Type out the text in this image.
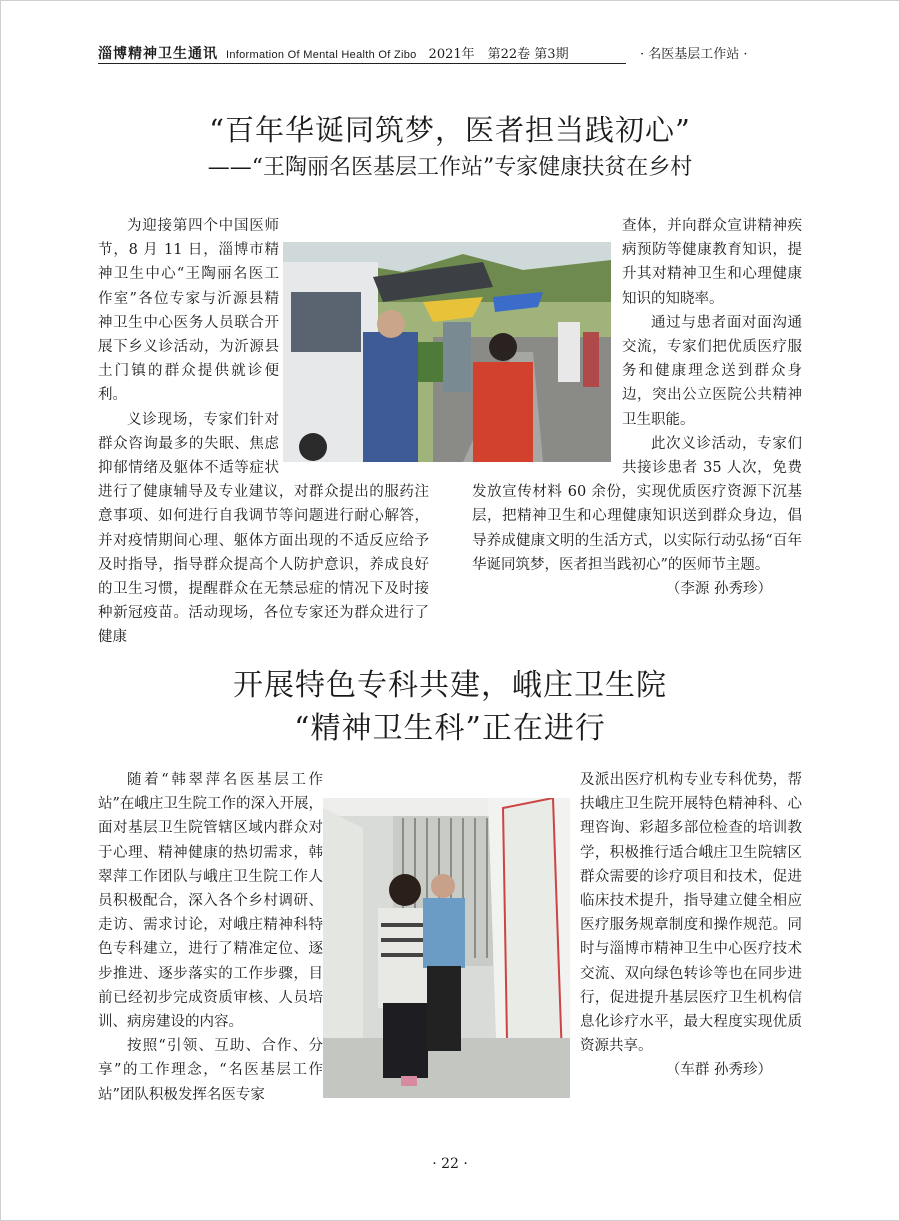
淄博精神卫生通讯 Information Of Mental Health Of Zibo 2021年　第22卷 第3期	· 名医基层工作站 ·
“百年华诞同筑梦，医者担当践初心”
——“王陶丽名医基层工作站”专家健康扶贫在乡村

为迎接第四个中国医师节，8 月 11 日，淄博市精神卫生中心“王陶丽名医工作室”各位专家与沂源县精神卫生中心医务人员联合开展下乡义诊活动，为沂源县土门镇的群众提供就诊便利。

义诊现场，专家们针对群众咨询最多的失眠、焦虑抑郁情绪及躯体不适等症状进行了健康辅导及专业建议，对群众提出的服药注意事项、如何进行自我调节等问题进行耐心解答，并对疫情期间心理、躯体方面出现的不适反应给予及时指导，指导群众提高个人防护意识，养成良好的卫生习惯，提醒群众在无禁忌症的情况下及时接种新冠疫苗。活动现场，各位专家还为群众进行了健康

查体，并向群众宣讲精神疾病预防等健康教育知识，提升其对精神卫生和心理健康知识的知晓率。

通过与患者面对面沟通交流，专家们把优质医疗服务和健康理念送到群众身边，突出公立医院公共精神卫生职能。

此次义诊活动，专家们共接诊患者 35 人次，免费发放宣传材料 60 余份，实现优质医疗资源下沉基层，把精神卫生和心理健康知识送到群众身边，倡导养成健康文明的生活方式，以实际行动弘扬“百年华诞同筑梦，医者担当践初心”的医师节主题。

（李源 孙秀珍）

开展特色专科共建，峨庄卫生院
“精神卫生科”正在进行

随着“韩翠萍名医基层工作站”在峨庄卫生院工作的深入开展，面对基层卫生院管辖区域内群众对于心理、精神健康的热切需求，韩翠萍工作团队与峨庄卫生院工作人员积极配合，深入各个乡村调研、走访、需求讨论，对峨庄精神科特色专科建立，进行了精准定位、逐步推进、逐步落实的工作步骤，目前已经初步完成资质审核、人员培训、病房建设的内容。

按照“引领、互助、合作、分享”的工作理念，“名医基层工作站”团队积极发挥名医专家

及派出医疗机构专业专科优势，帮扶峨庄卫生院开展特色精神科、心理咨询、彩超多部位检查的培训教学，积极推行适合峨庄卫生院辖区群众需要的诊疗项目和技术，促进临床技术提升，指导建立健全相应医疗服务规章制度和操作规范。同时与淄博市精神卫生中心医疗技术交流、双向绿色转诊等也在同步进行，促进提升基层医疗卫生机构信息化诊疗水平，最大程度实现优质资源共享。

（车群 孙秀珍）

· 22 ·
